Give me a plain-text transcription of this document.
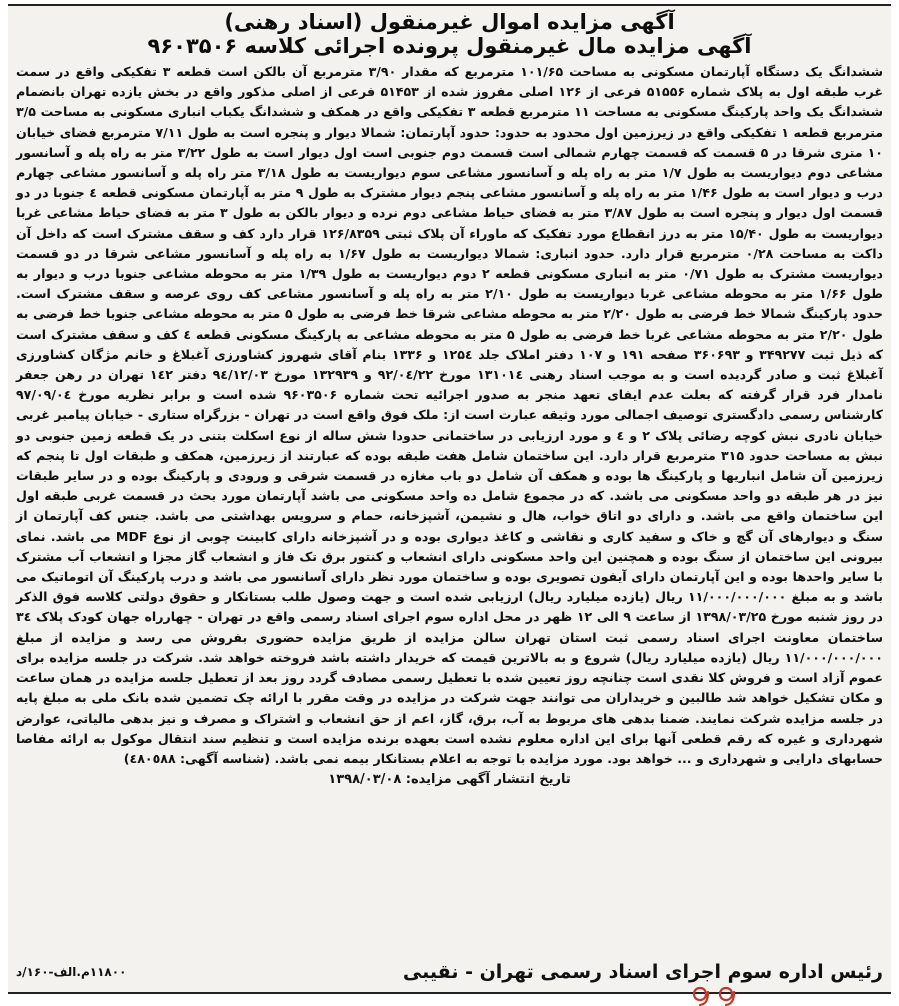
آگهی مزایده اموال غیرمنقول (اسناد رهنی)
آگهی مزایده مال غیرمنقول پرونده اجرائی کلاسه ۹۶۰۳۵۰۶

ششدانگ یک دستگاه آپارتمان مسکونی به مساحت ۱۰۱/۶۵ مترمربع که مقدار ۳/۹۰ مترمربع آن بالکن است قطعه ۳ تفکیکی واقع در سمت غرب طبقه اول به پلاک شماره ۵۱۵۵۶ فرعی از ۱۲۶ اصلی مفروز شده از ۵۱۴۵۳ فرعی از اصلی مذکور واقع در بخش یازده تهران بانضمام ششدانگ یک واحد پارکینگ مسکونی به مساحت ۱۱ مترمربع قطعه ۳ تفکیکی واقع در همکف و ششدانگ یکباب انباری مسکونی به مساحت ۳/۵ مترمربع قطعه ۱ تفکیکی واقع در زیرزمین اول محدود به حدود: حدود آپارتمان: شمالا دیوار و پنجره است به طول ۷/۱۱ مترمربع فضای خیابان ۱۰ متری شرقا در ۵ قسمت که قسمت چهارم شمالی است قسمت دوم جنوبی است اول دیوار است به طول ۳/۲۲ متر به راه پله و آسانسور مشاعی دوم دیواریست به طول ۱/۷ متر به راه پله و آسانسور مشاعی سوم دیواریست به طول ۳/۱۸ متر راه پله و آسانسور مشاعی چهارم درب و دیوار است به طول ۱/۴۶ متر به راه پله و آسانسور مشاعی پنجم دیوار مشترک به طول ۹ متر به آپارتمان مسکونی قطعه ٤ جنوبا در دو قسمت اول دیوار و پنجره است به طول ۳/۸۷ متر به فضای حیاط مشاعی دوم نرده و دیوار بالکن به طول ۳ متر به فضای حیاط مشاعی غربا دیواریست به طول ۱۵/۴۰ متر به درز انقطاع مورد تفکیک که ماوراء آن پلاک ثبتی ۱۲۶/۸۳۵۹ قرار دارد کف و سقف مشترک است که داخل آن داکت به مساحت ۰/۲۸ مترمربع قرار دارد. حدود انباری: شمالا دیواریست به طول ۱/۶۷ به راه پله و آسانسور مشاعی شرقا در دو قسمت دیواریست مشترک به طول ۰/۷۱ متر به انباری مسکونی قطعه ۲ دوم دیواریست به طول ۱/۳۹ متر به محوطه مشاعی جنوبا درب و دیوار به طول ۱/۶۶ متر به محوطه مشاعی غربا دیواریست به طول ۲/۱۰ متر به راه پله و آسانسور مشاعی کف روی عرصه و سقف مشترک است. حدود پارکینگ شمالا خط فرضی به طول ۲/۲۰ متر به محوطه مشاعی شرقا خط فرضی به طول ۵ متر به محوطه مشاعی جنوبا خط فرضی به طول ۲/۲۰ متر به محوطه مشاعی غربا خط فرضی به طول ۵ متر به محوطه مشاعی به پارکینگ مسکونی قطعه ٤ کف و سقف مشترک است که ذیل ثبت ۳۴۹۲۷۷ و ۳۶۰۶۹۳ صفحه ۱۹۱ و ۱۰۷ دفتر املاک جلد ۱۲۵٤ و ۱۳۳۶ بنام آقای شهروز کشاورزی آغبلاغ و خانم مژگان کشاورزی آغبلاغ ثبت و صادر گردیده است و به موجب اسناد رهنی ۱۳۱۰۱٤ مورخ ۹۲/۰٤/۲۲ و ۱۳۲۹۳۹ مورخ ۹٤/۱۲/۰۳ دفتر ۱٤۲ تهران در رهن جعفر نامدار فرد قرار گرفته که بعلت عدم ایفای تعهد منجر به صدور اجرائیه تحت شماره ۹۶۰۳۵۰۶ شده است و برابر نظریه مورخ ۹۷/۰۹/۰٤ کارشناس رسمی دادگستری توصیف اجمالی مورد وثیقه عبارت است از: ملک فوق واقع است در تهران - بزرگراه ستاری - خیابان پیامبر غربی خیابان نادری نبش کوچه رضائی پلاک ۲ و ٤ و مورد ارزیابی در ساختمانی حدودا شش ساله از نوع اسکلت بتنی در یک قطعه زمین جنوبی دو نبش به مساحت حدود ۳۱۵ مترمربع قرار دارد. این ساختمان شامل هفت طبقه بوده که عبارتند از زیرزمین، همکف و طبقات اول تا پنجم که زیرزمین آن شامل انباریها و پارکینگ ها بوده و همکف آن شامل دو باب مغازه در قسمت شرقی و ورودی و پارکینگ بوده و در سایر طبقات نیز در هر طبقه دو واحد مسکونی می باشد. که در مجموع شامل ده واحد مسکونی می باشد آپارتمان مورد بحث در قسمت غربی طبقه اول این ساختمان واقع می باشد. و دارای دو اتاق خواب، هال و نشیمن، آشپزخانه، حمام و سرویس بهداشتی می باشد. جنس کف آپارتمان از سنگ و دیوارهای آن گچ و خاک و سفید کاری و نقاشی و کاغذ دیواری بوده و در آشپزخانه دارای کابینت چوبی از نوع MDF می باشد. نمای بیرونی این ساختمان از سنگ بوده و همچنین این واحد مسکونی دارای انشعاب و کنتور برق تک فاز و انشعاب گاز مجزا و انشعاب آب مشترک با سایر واحدها بوده و این آپارتمان دارای آیفون تصویری بوده و ساختمان مورد نظر دارای آسانسور می باشد و درب پارکینگ آن اتوماتیک می باشد و به مبلغ ۱۱/۰۰۰/۰۰۰/۰۰۰ ریال (یازده میلیارد ریال) ارزیابی شده است و جهت وصول طلب بستانکار و حقوق دولتی کلاسه فوق الذکر در روز شنبه مورخ ۱۳۹۸/۰۳/۲۵ از ساعت ۹ الی ۱۲ ظهر در محل اداره سوم اجرای اسناد رسمی واقع در تهران - چهارراه جهان کودک پلاک ۳٤ ساختمان معاونت اجرای اسناد رسمی ثبت استان تهران سالن مزایده از طریق مزایده حضوری بفروش می رسد و مزایده از مبلغ ۱۱/۰۰۰/۰۰۰/۰۰۰ ریال (یازده میلیارد ریال) شروع و به بالاترین قیمت که خریدار داشته باشد فروخته خواهد شد. شرکت در جلسه مزایده برای عموم آزاد است و فروش کلا نقدی است چنانچه روز تعیین شده با تعطیل رسمی مصادف گردد روز بعد از تعطیل جلسه مزایده در همان ساعت و مکان تشکیل خواهد شد طالبین و خریداران می توانند جهت شرکت در مزایده در وقت مقرر با ارائه چک تضمین شده بانک ملی به مبلغ پایه در جلسه مزایده شرکت نمایند. ضمنا بدهی های مربوط به آب، برق، گاز، اعم از حق انشعاب و اشتراک و مصرف و نیز بدهی مالیاتی، عوارض شهرداری و غیره که رقم قطعی آنها برای این اداره معلوم نشده است بعهده برنده مزایده است و تنظیم سند انتقال موکول به ارائه مفاصا حسابهای دارایی و شهرداری و ... خواهد بود. مورد مزایده با توجه به اعلام بستانکار بیمه نمی باشد. (شناسه آگهی: ٤٨٠٥٨٨)

تاریخ انتشار آگهی مزایده: ۱۳۹۸/۰۳/۰۸
رئیس اداره سوم اجرای اسناد رسمی تهران - نقیبی
۱۱۸۰۰م.الف-۱۶۰/د
